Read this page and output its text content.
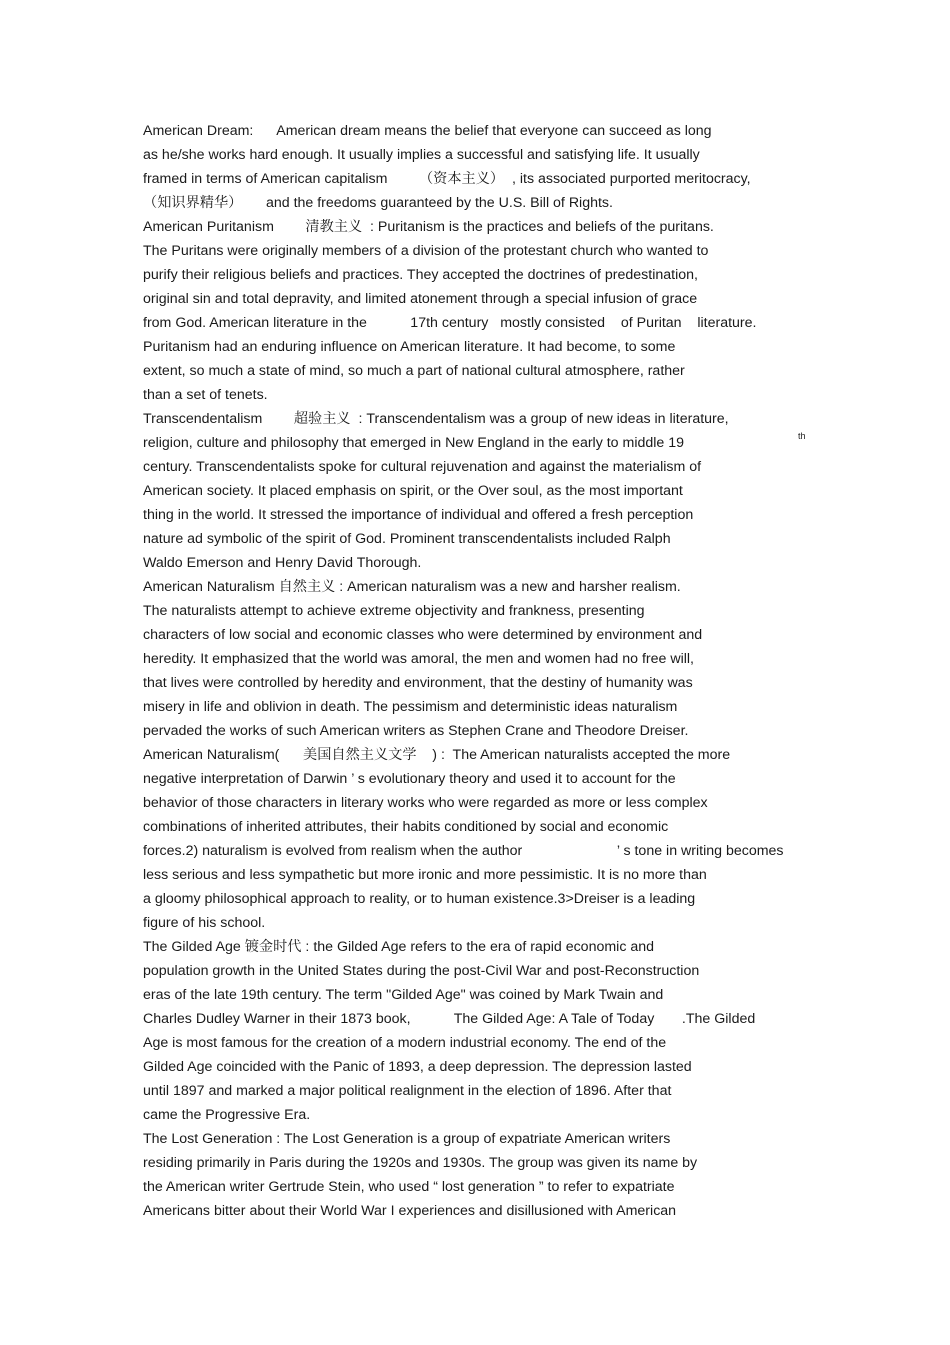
American Dream:      American dream means the belief that everyone can succeed as long
as he/she works hard enough. It usually implies a successful and satisfying life. It usually
framed in terms of American capitalism        （资本主义）  , its associated purported meritocracy,
（知识界精华）      and the freedoms guaranteed by the U.S. Bill of Rights.
American Puritanism        清教主义  : Puritanism is the practices and beliefs of the puritans.
The Puritans were originally members of a division of the protestant church who wanted to
purify their religious beliefs and practices. They accepted the doctrines of predestination,
original sin and total depravity, and limited atonement through a special infusion of grace
from God. American literature in the           17th century   mostly consisted    of Puritan    literature.
Puritanism had an enduring influence on American literature. It had become, to some
extent, so much a state of mind, so much a part of national cultural atmosphere, rather
than a set of tenets.
Transcendentalism        超验主义  : Transcendentalism was a group of new ideas in literature,
religion, culture and philosophy that emerged in New England in the early to middle 19
century. Transcendentalists spoke for cultural rejuvenation and against the materialism of
American society. It placed emphasis on spirit, or the Over soul, as the most important
thing in the world. It stressed the importance of individual and offered a fresh perception
nature ad symbolic of the spirit of God. Prominent transcendentalists included Ralph
Waldo Emerson and Henry David Thorough.
American Naturalism 自然主义 : American naturalism was a new and harsher realism.
The naturalists attempt to achieve extreme objectivity and frankness, presenting
characters of low social and economic classes who were determined by environment and
heredity. It emphasized that the world was amoral, the men and women had no free will,
that lives were controlled by heredity and environment, that the destiny of humanity was
misery in life and oblivion in death. The pessimism and deterministic ideas naturalism
pervaded the works of such American writers as Stephen Crane and Theodore Dreiser.
American Naturalism(      美国自然主义文学    ) :  The American naturalists accepted the more
negative interpretation of Darwin ’ s evolutionary theory and used it to account for the
behavior of those characters in literary works who were regarded as more or less complex
combinations of inherited attributes, their habits conditioned by social and economic
forces.2) naturalism is evolved from realism when the author                        ’ s tone in writing becomes
less serious and less sympathetic but more ironic and more pessimistic. It is no more than
a gloomy philosophical approach to reality, or to human existence.3>Dreiser is a leading
figure of his school.
The Gilded Age 镀金时代 : the Gilded Age refers to the era of rapid economic and
population growth in the United States during the post-Civil War and post-Reconstruction
eras of the late 19th century. The term "Gilded Age" was coined by Mark Twain and
Charles Dudley Warner in their 1873 book,           The Gilded Age: A Tale of Today       .The Gilded
Age is most famous for the creation of a modern industrial economy. The end of the
Gilded Age coincided with the Panic of 1893, a deep depression. The depression lasted
until 1897 and marked a major political realignment in the election of 1896. After that
came the Progressive Era.
The Lost Generation : The Lost Generation is a group of expatriate American writers
residing primarily in Paris during the 1920s and 1930s. The group was given its name by
the American writer Gertrude Stein, who used “ lost generation ” to refer to expatriate
Americans bitter about their World War I experiences and disillusioned with American
th
